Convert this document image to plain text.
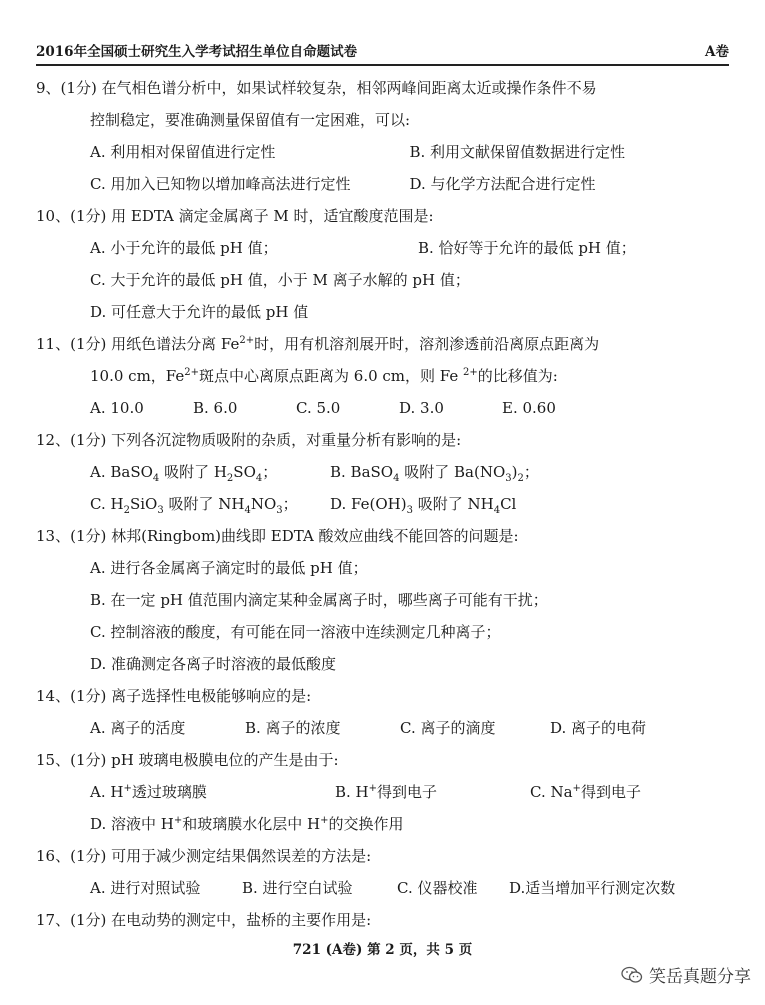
2016年全国硕士研究生入学考试招生单位自命题试卷	A卷
9、(1分) 在气相色谱分析中，如果试样较复杂，相邻两峰间距离太近或操作条件不易
控制稳定，要准确测量保留值有一定困难，可以:
A. 利用相对保留值进行定性	B. 利用文献保留值数据进行定性
C. 用加入已知物以增加峰高法进行定性	D. 与化学方法配合进行定性
10、(1分) 用 EDTA 滴定金属离子 M 时，适宜酸度范围是:
A. 小于允许的最低 pH 值；	B. 恰好等于允许的最低 pH 值；
C. 大于允许的最低 pH 值，小于 M 离子水解的 pH 值；
D. 可任意大于允许的最低 pH 值
11、(1分) 用纸色谱法分离 $Fe^{2+}$时，用有机溶剂展开时，溶剂渗透前沿离原点距离为
10.0 cm，$Fe^{2+}$斑点中心离原点距离为 6.0 cm，则 Fe $^{2+}$的比移值为:
A. 10.0	B. 6.0	C. 5.0	D. 3.0	E. 0.60
12、(1分) 下列各沉淀物质吸附的杂质，对重量分析有影响的是:
A. BaSO$_4$ 吸附了 $H_2SO_4$；	B. BaSO$_4$ 吸附了 $Ba(NO_3)_2$；
C. $H_2SiO_3$ 吸附了 $NH_4NO_3$；	D. $Fe(OH)_3$ 吸附了 $NH_4Cl$
13、(1分) 林邦(Ringbom)曲线即 EDTA 酸效应曲线不能回答的问题是:
A. 进行各金属离子滴定时的最低 pH 值；
B. 在一定 pH 值范围内滴定某种金属离子时，哪些离子可能有干扰；
C. 控制溶液的酸度，有可能在同一溶液中连续测定几种离子；
D. 准确测定各离子时溶液的最低酸度
14、(1分) 离子选择性电极能够响应的是:
A. 离子的活度	B. 离子的浓度	C. 离子的滴度	D. 离子的电荷
15、(1分) pH 玻璃电极膜电位的产生是由于:
A. H+透过玻璃膜	B. H+得到电子	C. Na+得到电子
D. 溶液中 H+和玻璃膜水化层中 H+的交换作用
16、(1分) 可用于减少测定结果偶然误差的方法是:
A. 进行对照试验	B. 进行空白试验	C. 仪器校准	D.适当增加平行测定次数
17、(1分) 在电动势的测定中，盐桥的主要作用是:
721 (A卷) 第 2 页，共 5 页
笑岳真题分享
